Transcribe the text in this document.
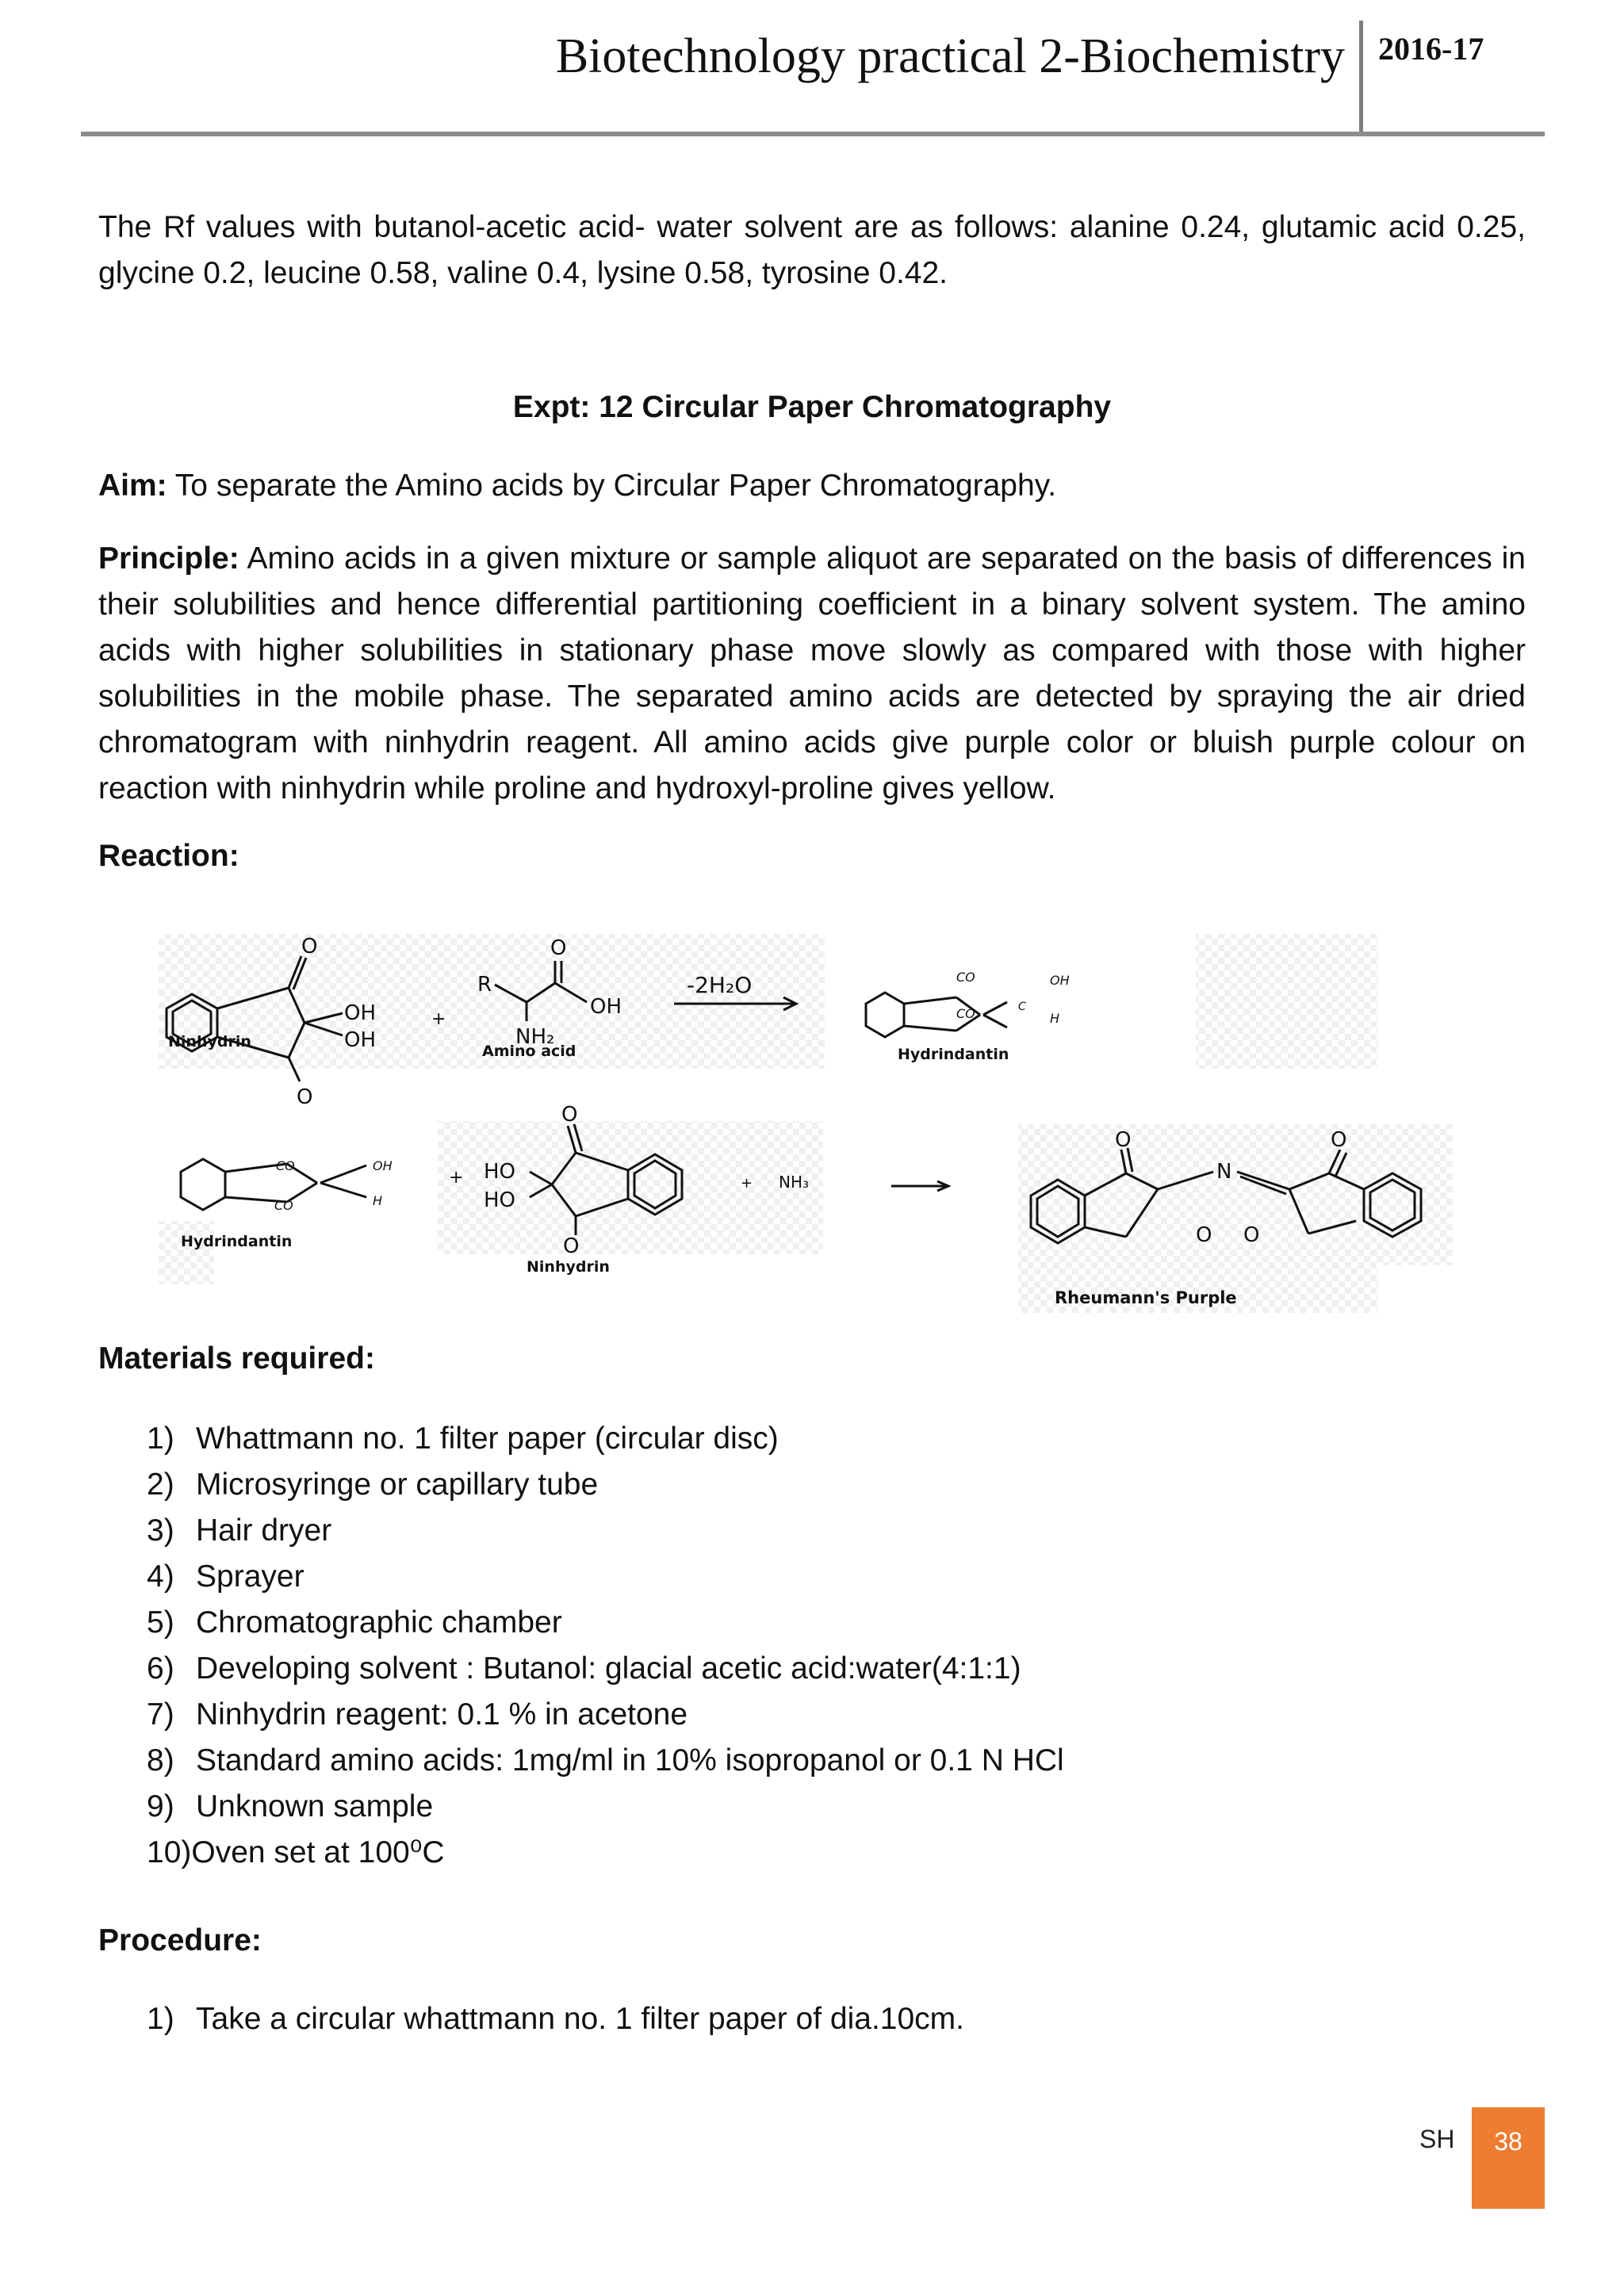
Biotechnology practical 2-Biochemistry 2016-17
The Rf values with butanol-acetic acid- water solvent are as follows: alanine 0.24, glutamic acid 0.25, glycine 0.2, leucine 0.58, valine 0.4, lysine 0.58, tyrosine 0.42.
Expt: 12 Circular Paper Chromatography
Aim: To separate the Amino acids by Circular Paper Chromatography.
Principle: Amino acids in a given mixture or sample aliquot are separated on the basis of differences in their solubilities and hence differential partitioning coefficient in a binary solvent system. The amino acids with higher solubilities in stationary phase move slowly as compared with those with higher solubilities in the mobile phase. The separated amino acids are detected by spraying the air dried chromatogram with ninhydrin reagent. All amino acids give purple color or bluish purple colour on reaction with ninhydrin while proline and hydroxyl-proline gives yellow.
Reaction:
O
OH
OH
O
Ninhydrin
+
R
O
OH
NH₂
Amino acid
-2H₂O	CO
CO	C
OH
H
Hydrindantin
CO
CO
OH
H
Hydrindantin
+ HO
HO
O
O
Ninhydrin
+ NH₃
O
N
O
O O
Rheumann's Purple
Materials required:
1) Whattmann no. 1 filter paper (circular disc)
2) Microsyringe or capillary tube
3) Hair dryer
4) Sprayer
5) Chromatographic chamber
6) Developing solvent : Butanol: glacial acetic acid:water(4:1:1)
7) Ninhydrin reagent: 0.1 % in acetone
8) Standard amino acids: 1mg/ml in 10% isopropanol or 0.1 N HCl
9) Unknown sample
10)Oven set at 100⁰C
Procedure:
1) Take a circular whattmann no. 1 filter paper of dia.10cm.
SH	38
